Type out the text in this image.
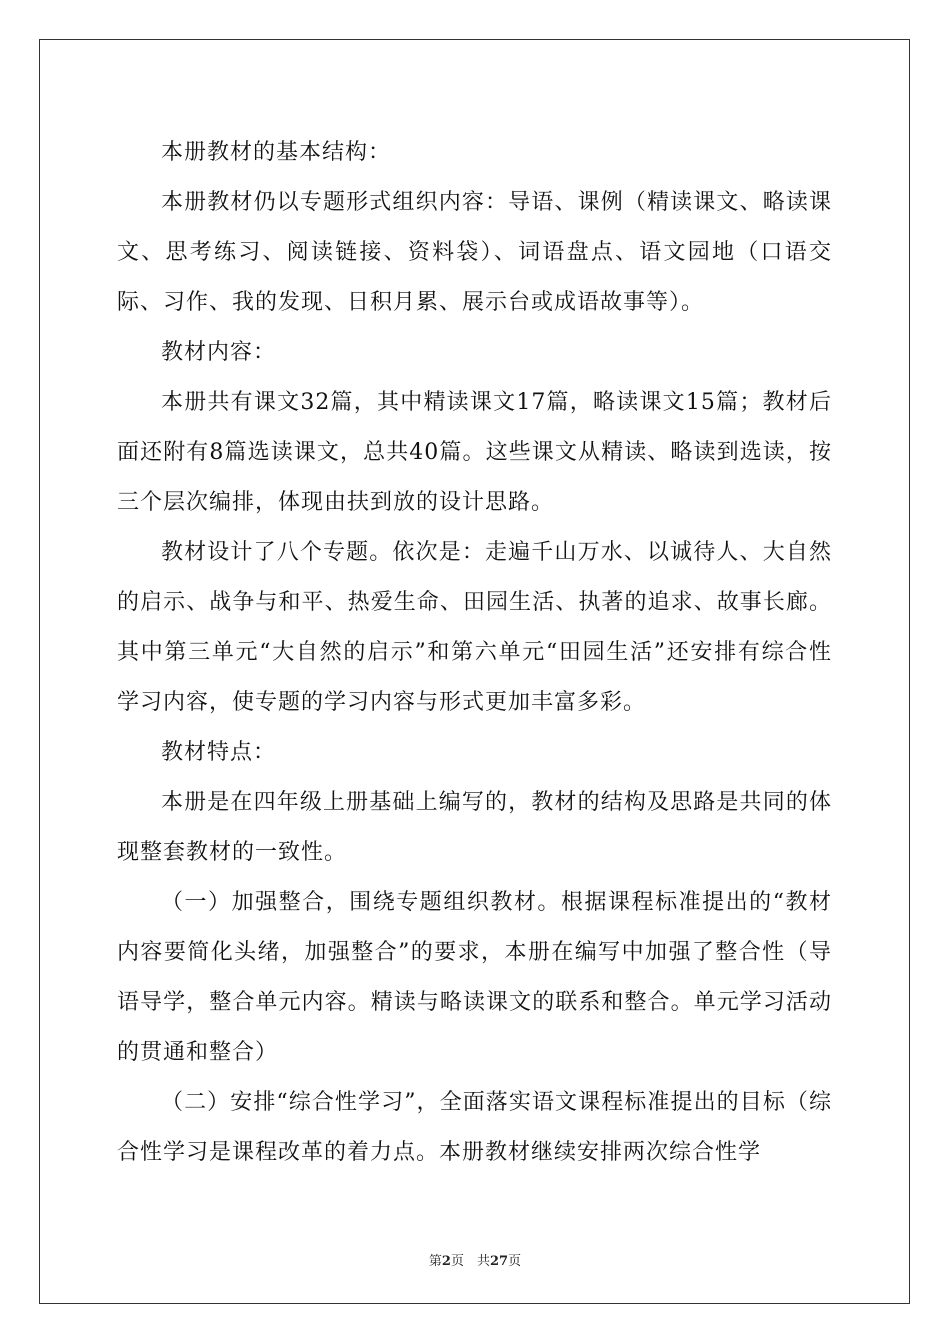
本册教材的基本结构：

本册教材仍以专题形式组织内容：导语、课例（精读课文、略读课文、思考练习、阅读链接、资料袋）、词语盘点、语文园地（口语交际、习作、我的发现、日积月累、展示台或成语故事等）。

教材内容：

本册共有课文32篇，其中精读课文17篇，略读课文15篇；教材后面还附有8篇选读课文，总共40篇。这些课文从精读、略读到选读，按三个层次编排，体现由扶到放的设计思路。

教材设计了八个专题。依次是：走遍千山万水、以诚待人、大自然的启示、战争与和平、热爱生命、田园生活、执著的追求、故事长廊。其中第三单元“大自然的启示”和第六单元“田园生活”还安排有综合性学习内容，使专题的学习内容与形式更加丰富多彩。

教材特点：

本册是在四年级上册基础上编写的，教材的结构及思路是共同的体现整套教材的一致性。

（一）加强整合，围绕专题组织教材。根据课程标准提出的“教材内容要简化头绪，加强整合”的要求，本册在编写中加强了整合性（导语导学，整合单元内容。精读与略读课文的联系和整合。单元学习活动的贯通和整合）

（二）安排“综合性学习”，全面落实语文课程标准提出的目标（综合性学习是课程改革的着力点。本册教材继续安排两次综合性学

第2页　共27页
